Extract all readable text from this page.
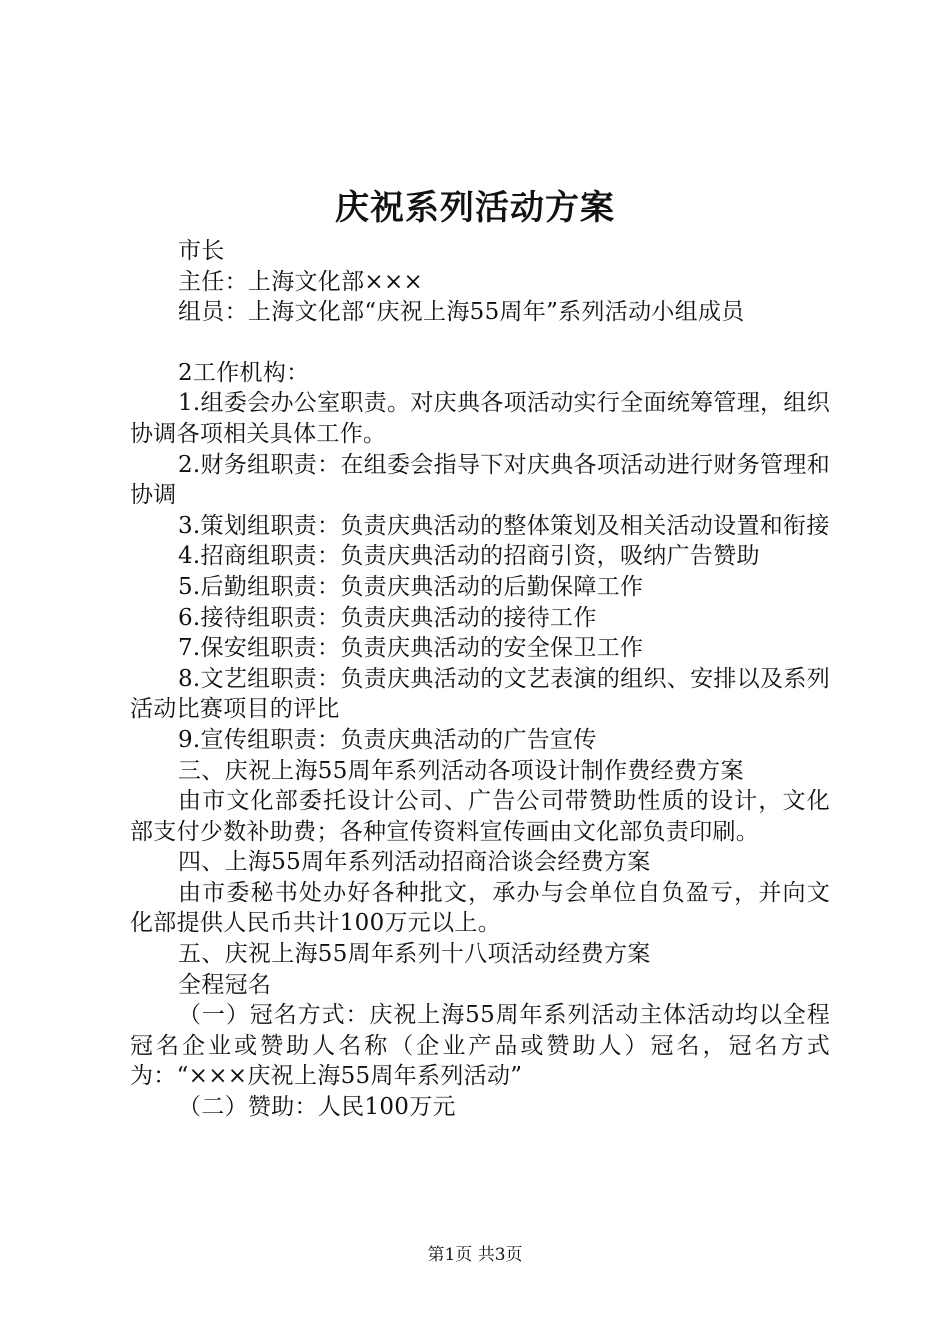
庆祝系列活动方案

市长

主任：上海文化部×××

组员：上海文化部“庆祝上海55周年”系列活动小组成员

2工作机构：

1.组委会办公室职责。对庆典各项活动实行全面统筹管理，组织协调各项相关具体工作。

2.财务组职责：在组委会指导下对庆典各项活动进行财务管理和协调

3.策划组职责：负责庆典活动的整体策划及相关活动设置和衔接

4.招商组职责：负责庆典活动的招商引资，吸纳广告赞助

5.后勤组职责：负责庆典活动的后勤保障工作

6.接待组职责：负责庆典活动的接待工作

7.保安组职责：负责庆典活动的安全保卫工作

8.文艺组职责：负责庆典活动的文艺表演的组织、安排以及系列活动比赛项目的评比

9.宣传组职责：负责庆典活动的广告宣传

三、庆祝上海55周年系列活动各项设计制作费经费方案

由市文化部委托设计公司、广告公司带赞助性质的设计，文化部支付少数补助费；各种宣传资料宣传画由文化部负责印刷。

四、上海55周年系列活动招商洽谈会经费方案

由市委秘书处办好各种批文，承办与会单位自负盈亏，并向文化部提供人民币共计100万元以上。

五、庆祝上海55周年系列十八项活动经费方案

全程冠名

（一）冠名方式：庆祝上海55周年系列活动主体活动均以全程冠名企业或赞助人名称（企业产品或赞助人）冠名，冠名方式为：“×××庆祝上海55周年系列活动”

（二）赞助：人民100万元

第1页 共3页
